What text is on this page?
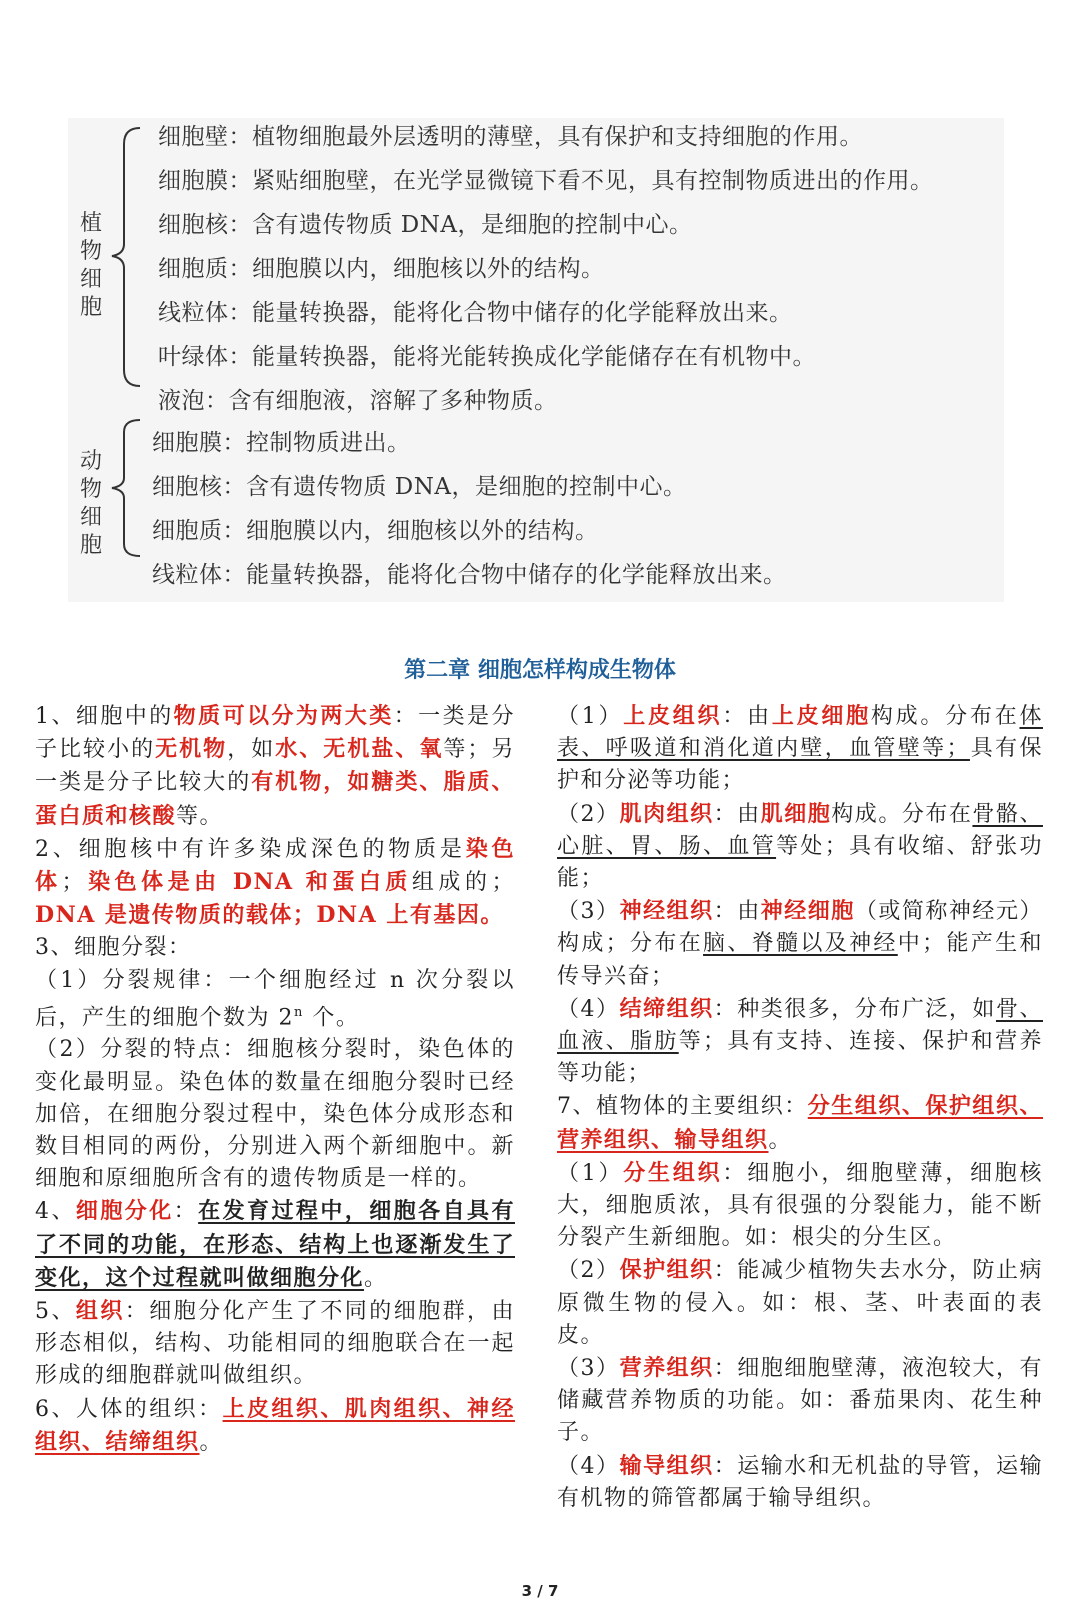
植物细胞
动物细胞
细胞壁：植物细胞最外层透明的薄壁，具有保护和支持细胞的作用。
细胞膜：紧贴细胞壁，在光学显微镜下看不见，具有控制物质进出的作用。
细胞核：含有遗传物质 DNA，是细胞的控制中心。
细胞质：细胞膜以内，细胞核以外的结构。
线粒体：能量转换器，能将化合物中储存的化学能释放出来。
叶绿体：能量转换器，能将光能转换成化学能储存在有机物中。
液泡：含有细胞液，溶解了多种物质。
细胞膜：控制物质进出。
细胞核：含有遗传物质 DNA，是细胞的控制中心。
细胞质：细胞膜以内，细胞核以外的结构。
线粒体：能量转换器，能将化合物中储存的化学能释放出来。
第二章 细胞怎样构成生物体

1、细胞中的物质可以分为两大类：一类是分子比较小的无机物，如水、无机盐、氧等；另一类是分子比较大的有机物，如糖类、脂质、蛋白质和核酸等。

2、细胞核中有许多染成深色的物质是染色体；染色体是由 DNA 和蛋白质组成的；DNA 是遗传物质的载体；DNA 上有基因。

3、细胞分裂：

（1）分裂规律：一个细胞经过 n 次分裂以后，产生的细胞个数为 2$^n$ 个。

（2）分裂的特点：细胞核分裂时，染色体的变化最明显。染色体的数量在细胞分裂时已经加倍，在细胞分裂过程中，染色体分成形态和数目相同的两份，分别进入两个新细胞中。新细胞和原细胞所含有的遗传物质是一样的。

4、细胞分化：在发育过程中，细胞各自具有了不同的功能，在形态、结构上也逐渐发生了变化，这个过程就叫做细胞分化。

5、组织：细胞分化产生了不同的细胞群，由形态相似，结构、功能相同的细胞联合在一起形成的细胞群就叫做组织。

6、人体的组织：上皮组织、肌肉组织、神经组织、结缔组织。

（1）上皮组织：由上皮细胞构成。分布在体表、呼吸道和消化道内壁，血管壁等；具有保护和分泌等功能；

（2）肌肉组织：由肌细胞构成。分布在骨骼、心脏、胃、肠、血管等处；具有收缩、舒张功能；

（3）神经组织：由神经细胞（或简称神经元）构成；分布在脑、脊髓以及神经中；能产生和传导兴奋；

（4）结缔组织：种类很多，分布广泛，如骨、血液、脂肪等；具有支持、连接、保护和营养等功能；

7、植物体的主要组织：分生组织、保护组织、营养组织、输导组织。

（1）分生组织：细胞小，细胞壁薄，细胞核大，细胞质浓，具有很强的分裂能力，能不断分裂产生新细胞。如：根尖的分生区。

（2）保护组织：能减少植物失去水分，防止病原微生物的侵入。如：根、茎、叶表面的表皮。

（3）营养组织：细胞细胞壁薄，液泡较大，有储藏营养物质的功能。如：番茄果肉、花生种子。

（4）输导组织：运输水和无机盐的导管，运输有机物的筛管都属于输导组织。

3 / 7
